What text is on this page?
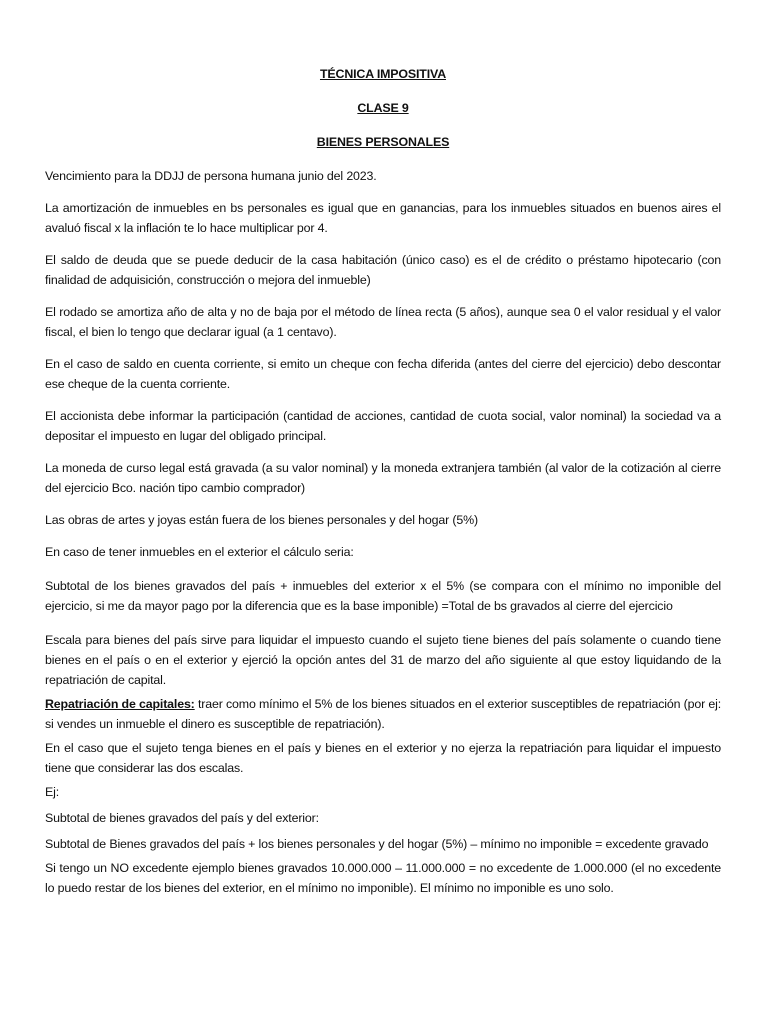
TÉCNICA IMPOSITIVA

CLASE 9

BIENES PERSONALES

Vencimiento para la DDJJ de persona humana junio del 2023.

La amortización de inmuebles en bs personales es igual que en ganancias, para los inmuebles situados en buenos aires el avaluó fiscal x la inflación te lo hace multiplicar por 4.

El saldo de deuda que se puede deducir de la casa habitación (único caso) es el de crédito o préstamo hipotecario (con finalidad de adquisición, construcción o mejora del inmueble)

El rodado se amortiza año de alta y no de baja por el método de línea recta (5 años), aunque sea 0 el valor residual y el valor fiscal, el bien lo tengo que declarar igual (a 1 centavo).

En el caso de saldo en cuenta corriente, si emito un cheque con fecha diferida (antes del cierre del ejercicio) debo descontar ese cheque de la cuenta corriente.

El accionista debe informar la participación (cantidad de acciones, cantidad de cuota social, valor nominal) la sociedad va a depositar el impuesto en lugar del obligado principal.

La moneda de curso legal está gravada (a su valor nominal) y la moneda extranjera también (al valor de la cotización al cierre del ejercicio Bco. nación tipo cambio comprador)

Las obras de artes y joyas están fuera de los bienes personales y del hogar (5%)

En caso de tener inmuebles en el exterior el cálculo seria:

Subtotal de los bienes gravados del país + inmuebles del exterior x el 5% (se compara con el mínimo no imponible del ejercicio, si me da mayor pago por la diferencia que es la base imponible) =Total de bs gravados al cierre del ejercicio

Escala para bienes del país sirve para liquidar el impuesto cuando el sujeto tiene bienes del país solamente o cuando tiene bienes en el país o en el exterior y ejerció la opción antes del 31 de marzo del año siguiente al que estoy liquidando de la repatriación de capital.

Repatriación de capitales: traer como mínimo el 5% de los bienes situados en el exterior susceptibles de repatriación (por ej: si vendes un inmueble el dinero es susceptible de repatriación).

En el caso que el sujeto tenga bienes en el país y bienes en el exterior y no ejerza la repatriación para liquidar el impuesto tiene que considerar las dos escalas.

Ej:

Subtotal de bienes gravados del país y del exterior:

Subtotal de Bienes gravados del país + los bienes personales y del hogar (5%) – mínimo no imponible = excedente gravado

Si tengo un NO excedente ejemplo bienes gravados 10.000.000 – 11.000.000 = no excedente de 1.000.000 (el no excedente lo puedo restar de los bienes del exterior, en el mínimo no imponible). El mínimo no imponible es uno solo.
